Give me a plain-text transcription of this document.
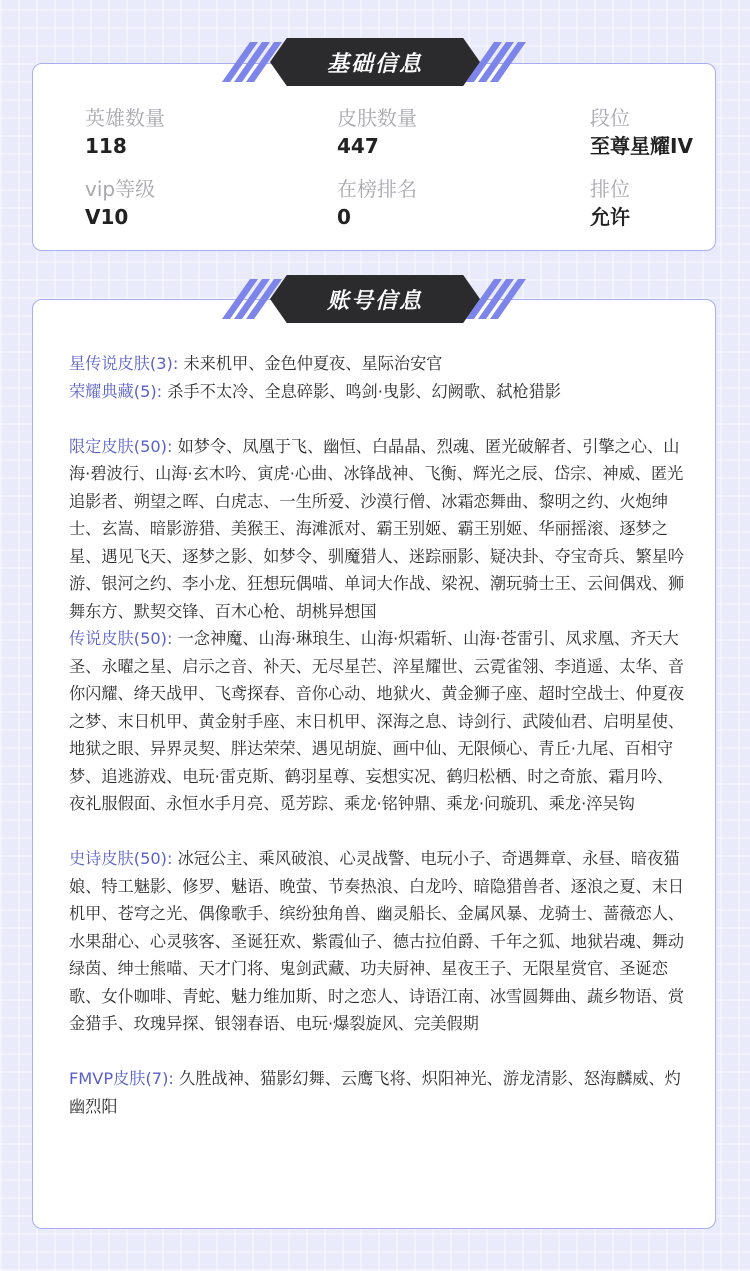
英雄数量
118
皮肤数量
447
段位
至尊星耀IV
vip等级
V10
在榜排名
0
排位
允许
基础信息

星传说皮肤(3): 未来机甲、金色仲夏夜、星际治安官

荣耀典藏(5): 杀手不太冷、全息碎影、鸣剑·曳影、幻阙歌、弑枪猎影

限定皮肤(50): 如梦令、凤凰于飞、幽恒、白晶晶、烈魂、匿光破解者、引擎之心、山海·碧波行、山海·玄木吟、寅虎·心曲、冰锋战神、飞衡、辉光之辰、岱宗、神威、匿光追影者、朔望之晖、白虎志、一生所爱、沙漠行僧、冰霜恋舞曲、黎明之约、火炮绅士、玄嵩、暗影游猎、美猴王、海滩派对、霸王别姬、霸王别姬、华丽摇滚、逐梦之星、遇见飞天、逐梦之影、如梦令、驯魔猎人、迷踪丽影、疑决卦、夺宝奇兵、繁星吟游、银河之约、李小龙、狂想玩偶喵、单词大作战、梁祝、潮玩骑士王、云间偶戏、狮舞东方、默契交锋、百木心枪、胡桃异想国

传说皮肤(50): 一念神魔、山海·琳琅生、山海·炽霜斩、山海·苍雷引、凤求凰、齐天大圣、永曜之星、启示之音、补天、无尽星芒、淬星耀世、云霓雀翎、李逍遥、太华、音你闪耀、绛天战甲、飞鸢探春、音你心动、地狱火、黄金狮子座、超时空战士、仲夏夜之梦、末日机甲、黄金射手座、末日机甲、深海之息、诗剑行、武陵仙君、启明星使、地狱之眼、异界灵契、胖达荣荣、遇见胡旋、画中仙、无限倾心、青丘·九尾、百相守梦、追逃游戏、电玩·雷克斯、鹤羽星尊、妄想实况、鹤归松栖、时之奇旅、霜月吟、夜礼服假面、永恒水手月亮、觅芳踪、乘龙·铭钟鼎、乘龙·问璇玑、乘龙·淬吴钩

史诗皮肤(50): 冰冠公主、乘风破浪、心灵战警、电玩小子、奇遇舞章、永昼、暗夜猫娘、特工魅影、修罗、魅语、晚萤、节奏热浪、白龙吟、暗隐猎兽者、逐浪之夏、末日机甲、苍穹之光、偶像歌手、缤纷独角兽、幽灵船长、金属风暴、龙骑士、蔷薇恋人、水果甜心、心灵骇客、圣诞狂欢、紫霞仙子、德古拉伯爵、千年之狐、地狱岩魂、舞动绿茵、绅士熊喵、天才门将、鬼剑武藏、功夫厨神、星夜王子、无限星赏官、圣诞恋歌、女仆咖啡、青蛇、魅力维加斯、时之恋人、诗语江南、冰雪圆舞曲、蔬乡物语、赏金猎手、玫瑰异探、银翎春语、电玩·爆裂旋风、完美假期

FMVP皮肤(7): 久胜战神、猫影幻舞、云鹰飞将、炽阳神光、游龙清影、怒海麟威、灼幽烈阳

账号信息
